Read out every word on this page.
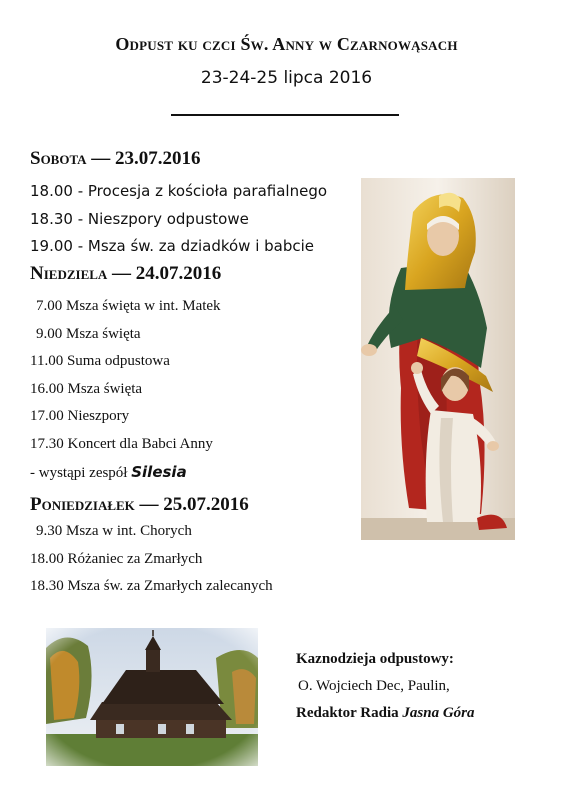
Odpust ku czci Św. Anny w Czarnowąsach
23-24-25 lipca 2016
Sobota — 23.07.2016
18.00 - Procesja z kościoła parafialnego
18.30 - Nieszpory odpustowe
19.00 - Msza św. za dziadków i babcie
Niedziela — 24.07.2016
7.00 Msza święta w int. Matek
9.00 Msza święta
11.00 Suma odpustowa
16.00 Msza święta
17.00 Nieszpory
17.30 Koncert dla Babci Anny
- wystąpi zespół Silesia
Poniedziałek — 25.07.2016
9.30 Msza w int. Chorych
18.00 Różaniec za Zmarłych
18.30 Msza św. za Zmarłych zalecanych
Kaznodzieja odpustowy:
O. Wojciech Dec, Paulin,
Redaktor Radia Jasna Góra
